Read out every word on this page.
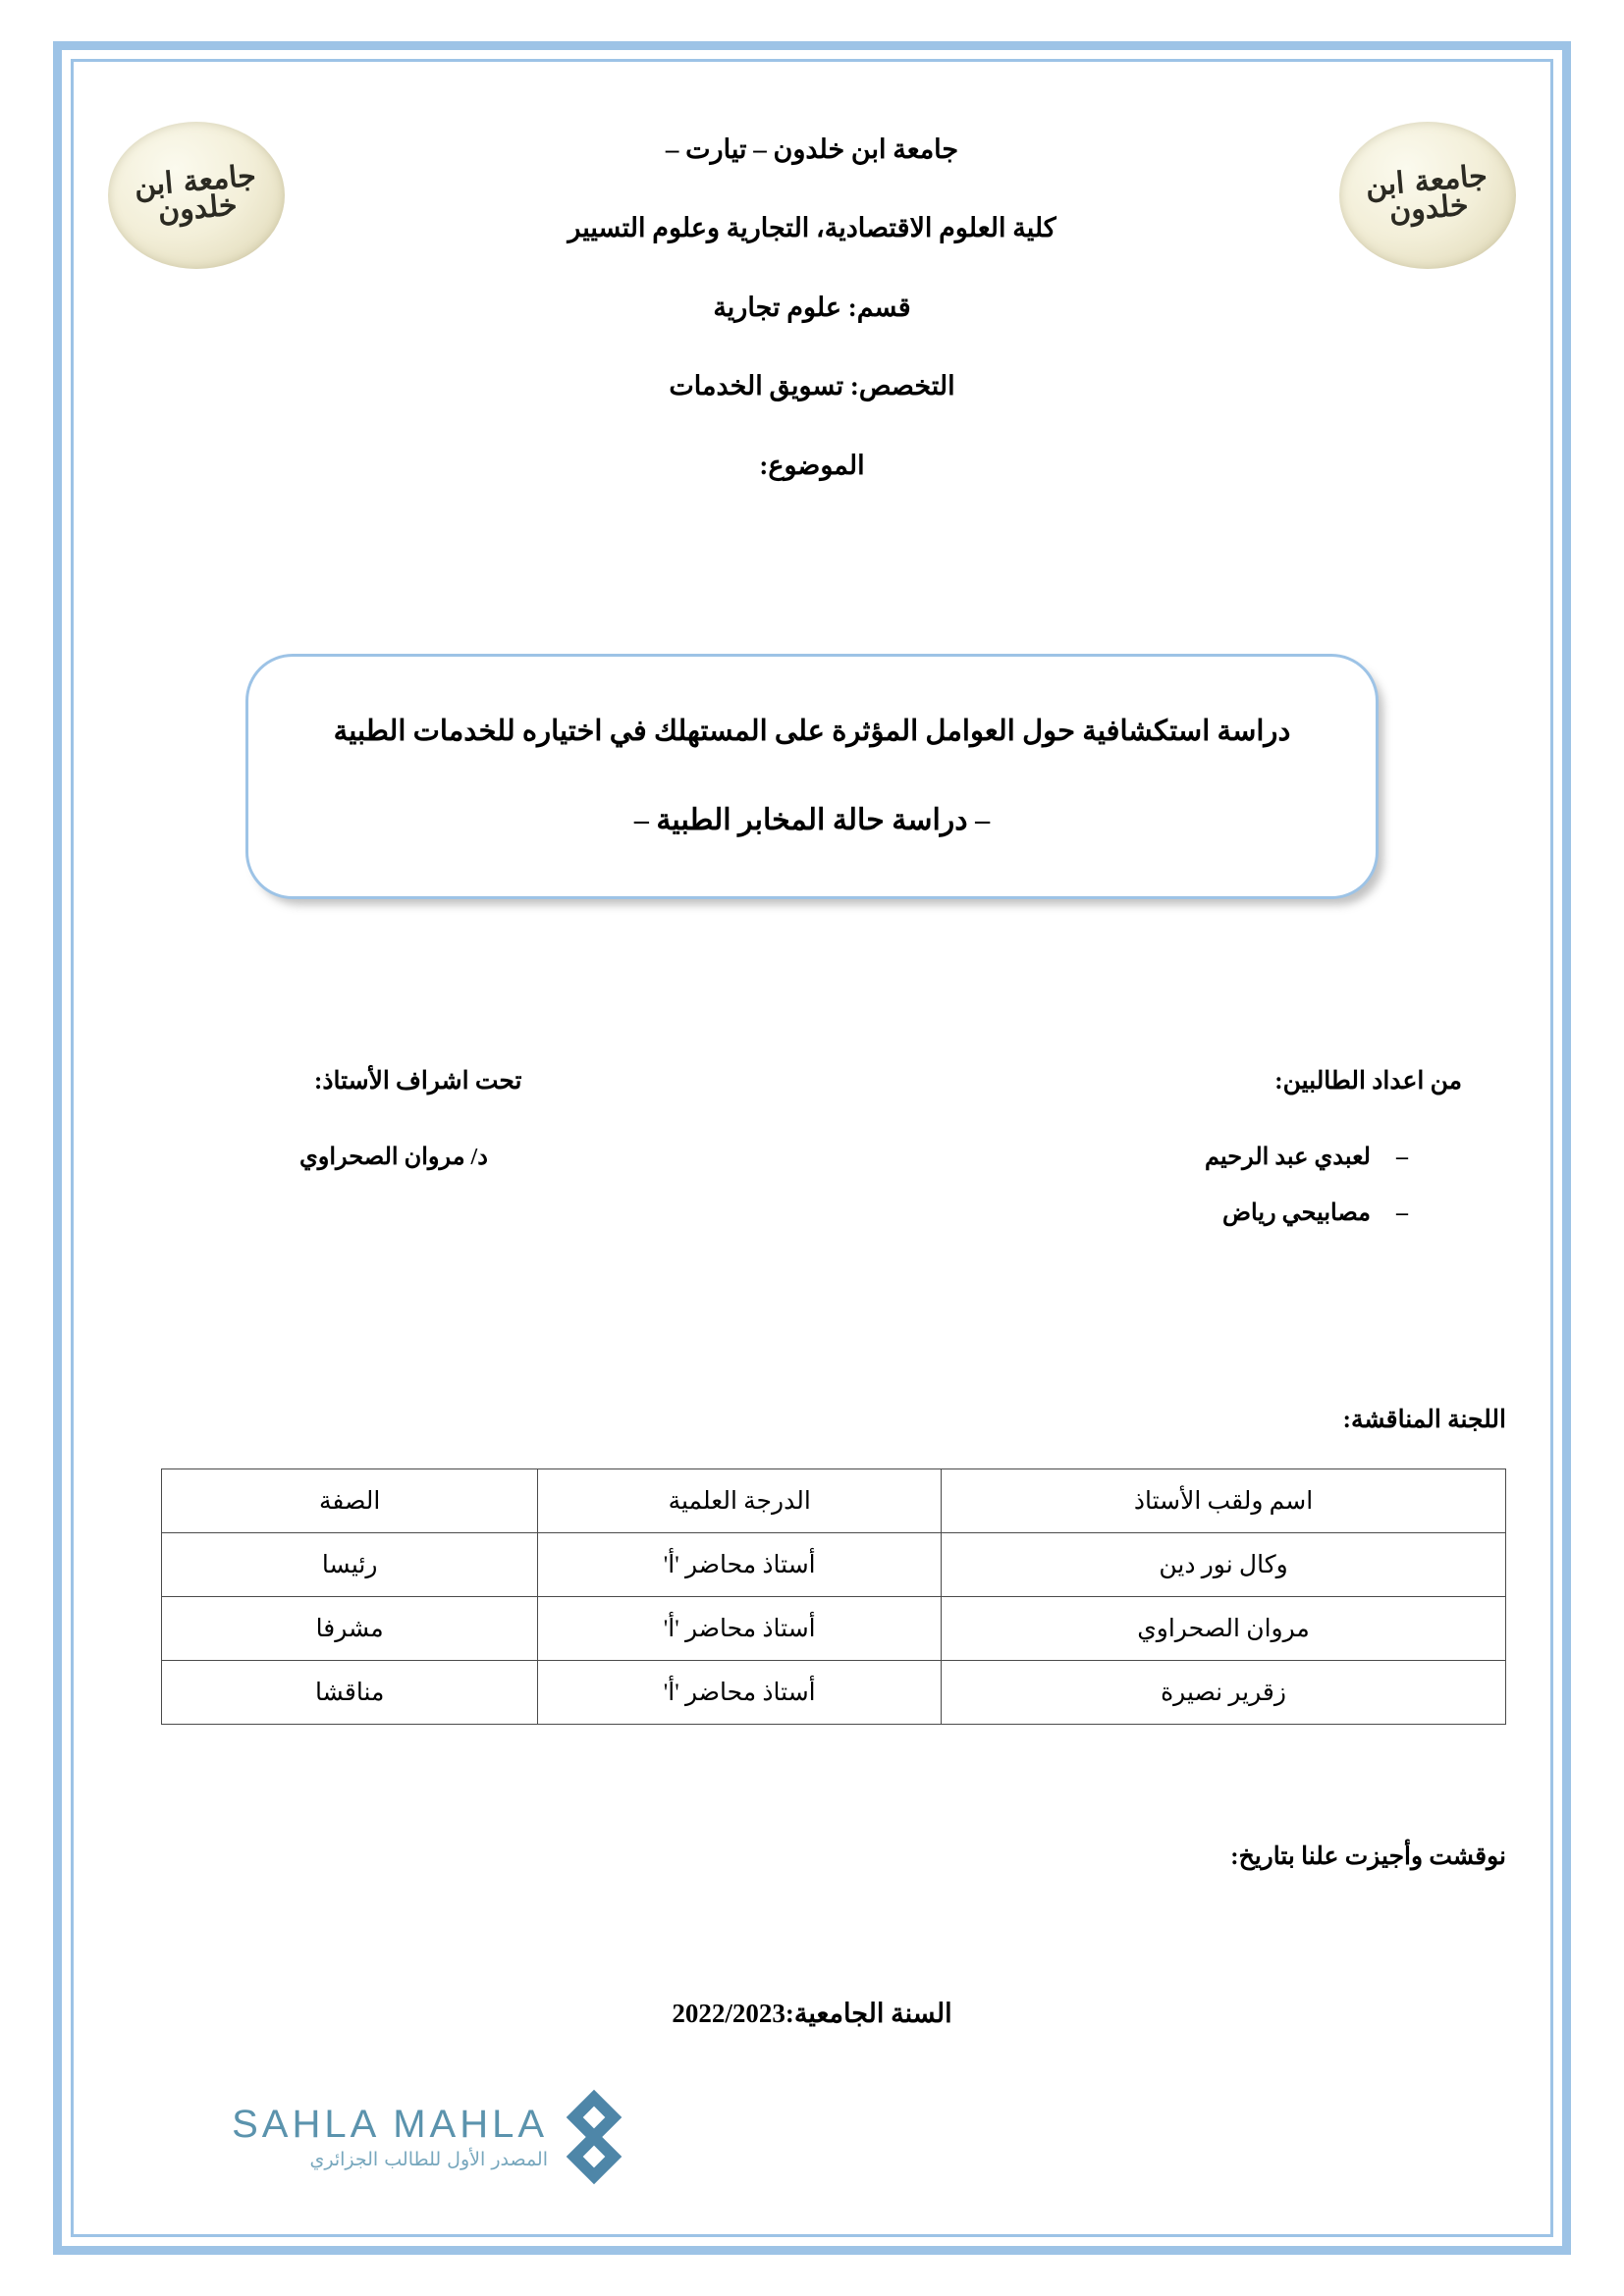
جامعة ابن خلدون
جامعة ابن خلدون
جامعة ابن خلدون – تيارت –
كلية العلوم الاقتصادية، التجارية وعلوم التسيير
قسم: علوم تجارية
التخصص: تسويق الخدمات
الموضوع:
دراسة استكشافية حول العوامل المؤثرة على المستهلك في اختياره للخدمات الطبية
– دراسة حالة المخابر الطبية –
من اعداد الطالبين:
تحت اشراف الأستاذ:
–لعبدي عبد الرحيم
–مصابيحي رياض
د/ مروان الصحراوي
اللجنة المناقشة:
اسم ولقب الأستاذ	الدرجة العلمية	الصفة
وكال نور دين	أستاذ محاضر 'أ'	رئيسا
مروان الصحراوي	أستاذ محاضر 'أ'	مشرفا
زقرير نصيرة	أستاذ محاضر 'أ'	مناقشا
نوقشت وأجيزت علنا بتاريخ:
السنة الجامعية:2022/2023
SAHLA MAHLA
المصدر الأول للطالب الجزائري
